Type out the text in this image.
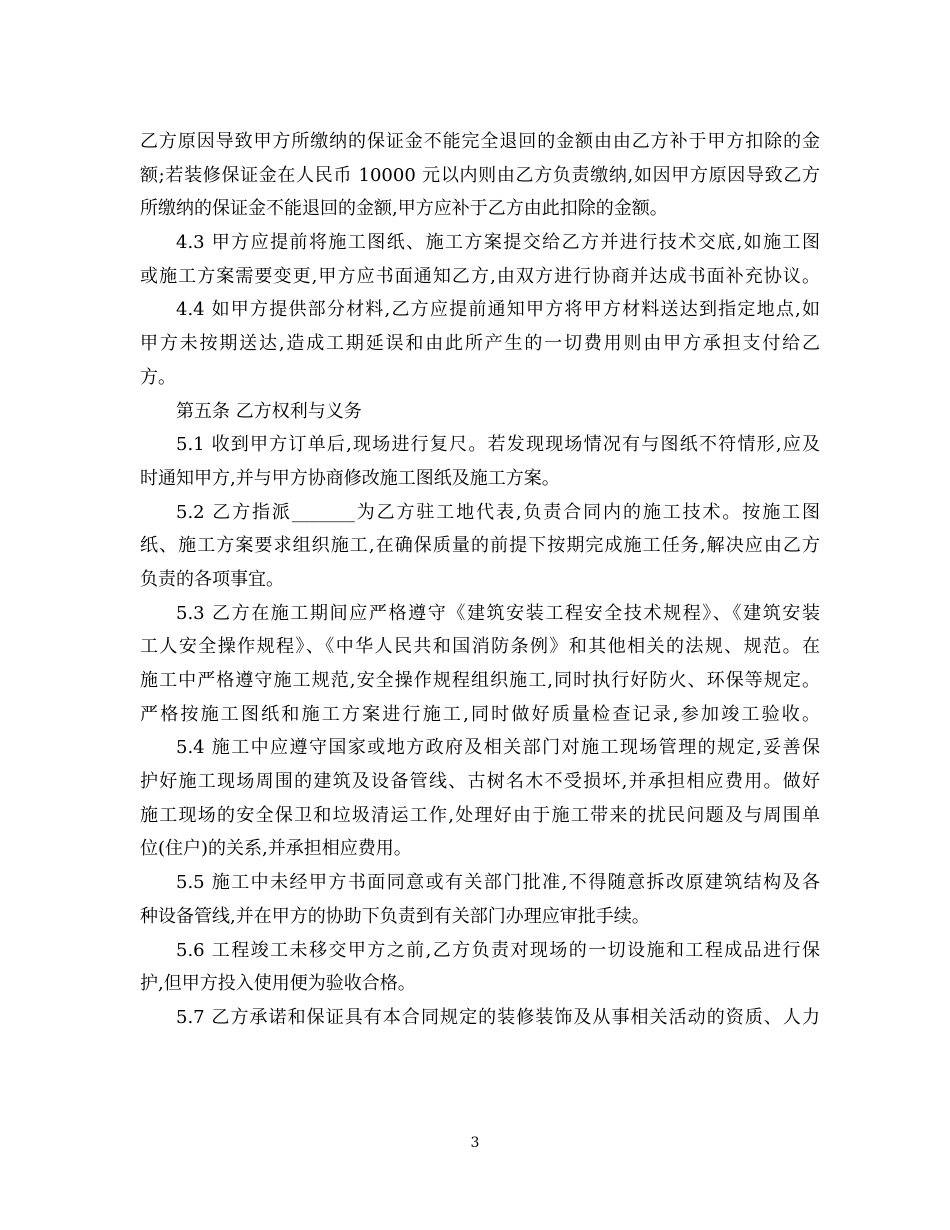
乙方原因导致甲方所缴纳的保证金不能完全退回的金额由由乙方补于甲方扣除的金
额;若装修保证金在人民币 10000 元以内则由乙方负责缴纳,如因甲方原因导致乙方
所缴纳的保证金不能退回的金额,甲方应补于乙方由此扣除的金额。
4.3 甲方应提前将施工图纸、施工方案提交给乙方并进行技术交底,如施工图
或施工方案需要变更,甲方应书面通知乙方,由双方进行协商并达成书面补充协议。
4.4 如甲方提供部分材料,乙方应提前通知甲方将甲方材料送达到指定地点,如
甲方未按期送达,造成工期延误和由此所产生的一切费用则由甲方承担支付给乙
方。
第五条 乙方权利与义务
5.1 收到甲方订单后,现场进行复尺。若发现现场情况有与图纸不符情形,应及
时通知甲方,并与甲方协商修改施工图纸及施工方案。
5.2 乙方指派_______为乙方驻工地代表,负责合同内的施工技术。按施工图
纸、施工方案要求组织施工,在确保质量的前提下按期完成施工任务,解决应由乙方
负责的各项事宜。
5.3 乙方在施工期间应严格遵守《建筑安装工程安全技术规程》、《建筑安装
工人安全操作规程》、《中华人民共和国消防条例》和其他相关的法规、规范。在
施工中严格遵守施工规范,安全操作规程组织施工,同时执行好防火、环保等规定。
严格按施工图纸和施工方案进行施工,同时做好质量检查记录,参加竣工验收。
5.4 施工中应遵守国家或地方政府及相关部门对施工现场管理的规定,妥善保
护好施工现场周围的建筑及设备管线、古树名木不受损坏,并承担相应费用。做好
施工现场的安全保卫和垃圾清运工作,处理好由于施工带来的扰民问题及与周围单
位(住户)的关系,并承担相应费用。
5.5 施工中未经甲方书面同意或有关部门批准,不得随意拆改原建筑结构及各
种设备管线,并在甲方的协助下负责到有关部门办理应审批手续。
5.6 工程竣工未移交甲方之前,乙方负责对现场的一切设施和工程成品进行保
护,但甲方投入使用便为验收合格。
5.7 乙方承诺和保证具有本合同规定的装修装饰及从事相关活动的资质、人力
3
